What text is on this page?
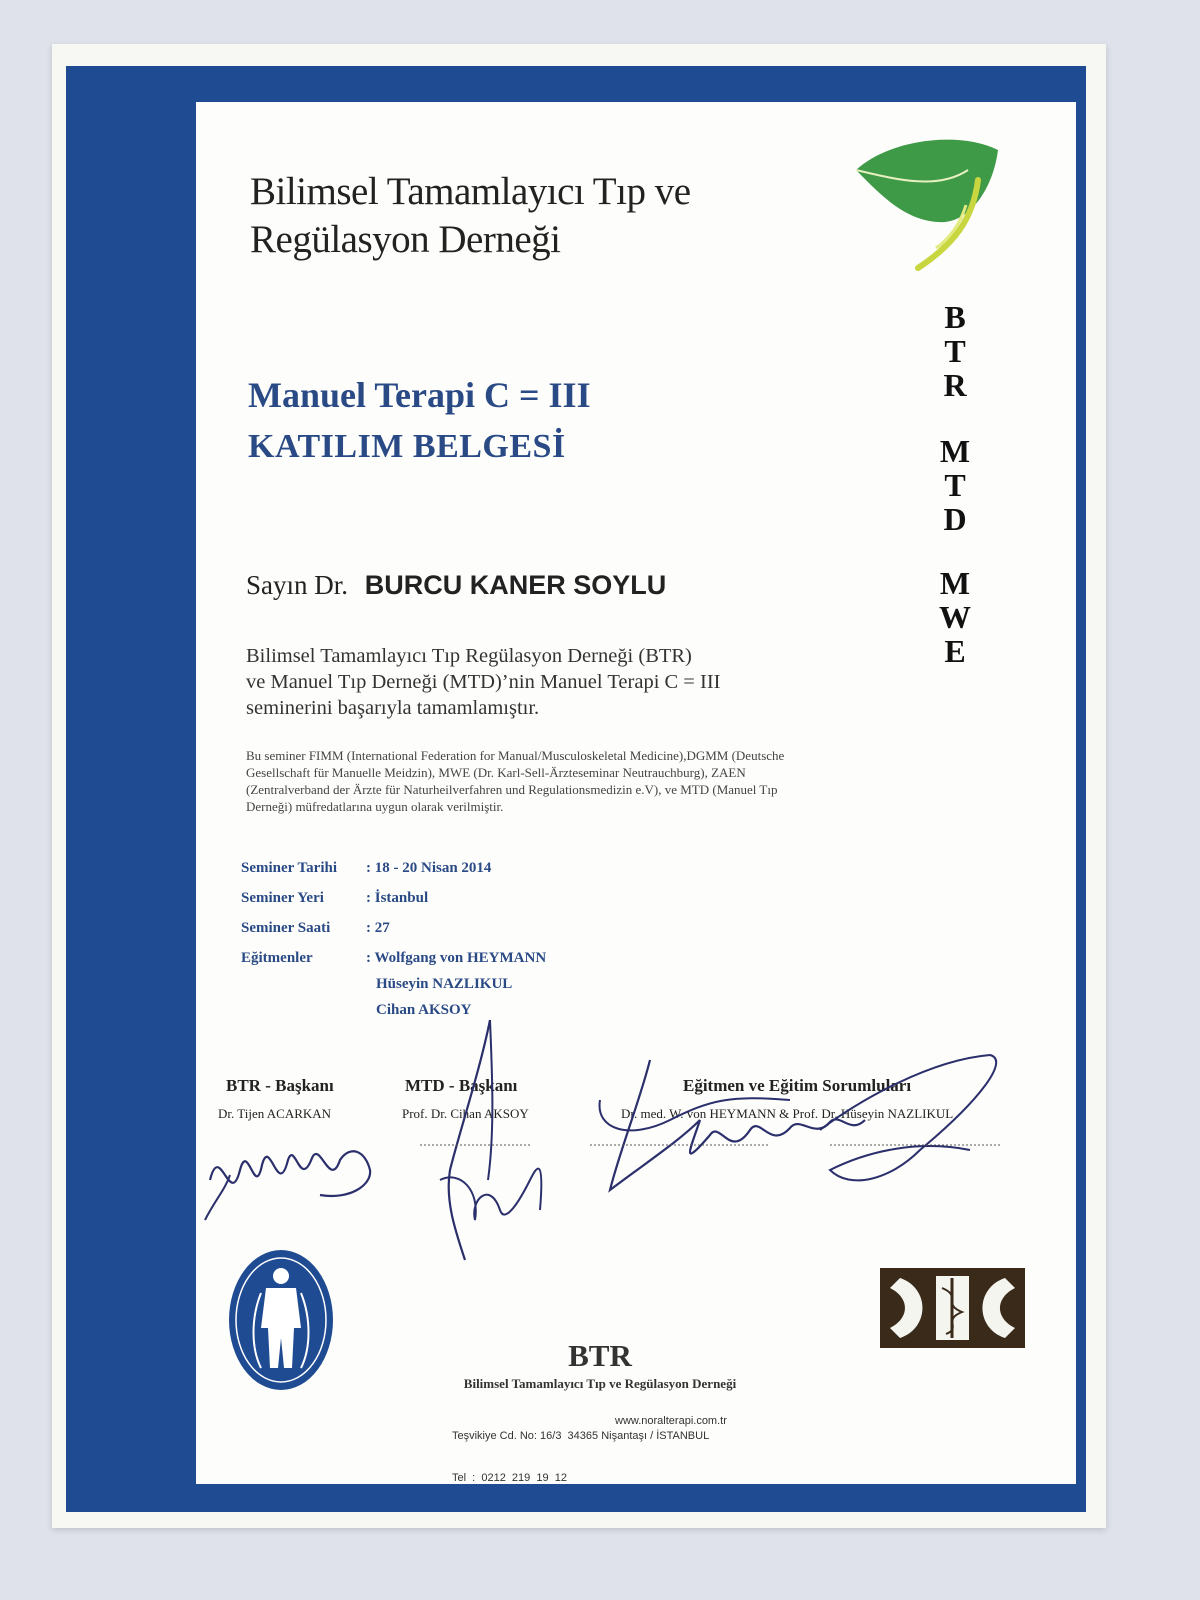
Bilimsel Tamamlayıcı Tıp ve
Regülasyon Derneği
B
T
R
M
T
D
M
W
E
Manuel Terapi C = III
KATILIM BELGESİ
Sayın Dr. BURCU KANER SOYLU
Bilimsel Tamamlayıcı Tıp Regülasyon Derneği (BTR)
ve Manuel Tıp Derneği (MTD)’nin Manuel Terapi C = III
seminerini başarıyla tamamlamıştır.
Bu seminer FIMM (International Federation for Manual/Musculoskeletal Medicine),DGMM (Deutsche
Gesellschaft für Manuelle Meidzin), MWE (Dr. Karl-Sell-Ärzteseminar Neutrauchburg), ZAEN
(Zentralverband der Ärzte für Naturheilverfahren und Regulationsmedizin e.V), ve MTD (Manuel Tıp
Derneği) müfredatlarına uygun olarak verilmiştir.
Seminer Tarihi : 18 - 20 Nisan 2014
Seminer Yeri	: İstanbul
Seminer Saati : 27
Eğitmenler	: Wolfgang von HEYMANN
Hüseyin NAZLIKUL
Cihan AKSOY
BTR - Başkanı
Dr. Tijen ACARKAN
MTD - Başkanı
Prof. Dr. Cihan AKSOY
Eğitmen ve Eğitim Sorumluları
Dr. med. W. von HEYMANN & Prof. Dr. Hüseyin NAZLIKUL
BTR
Bilimsel Tamamlayıcı Tıp ve Regülasyon Derneği

Teşvikiye Cd. No: 16/3  34365 Nişantaşı / İSTANBUL

Tel  :  0212  219  19  12

www.noralterapi.com.tr
